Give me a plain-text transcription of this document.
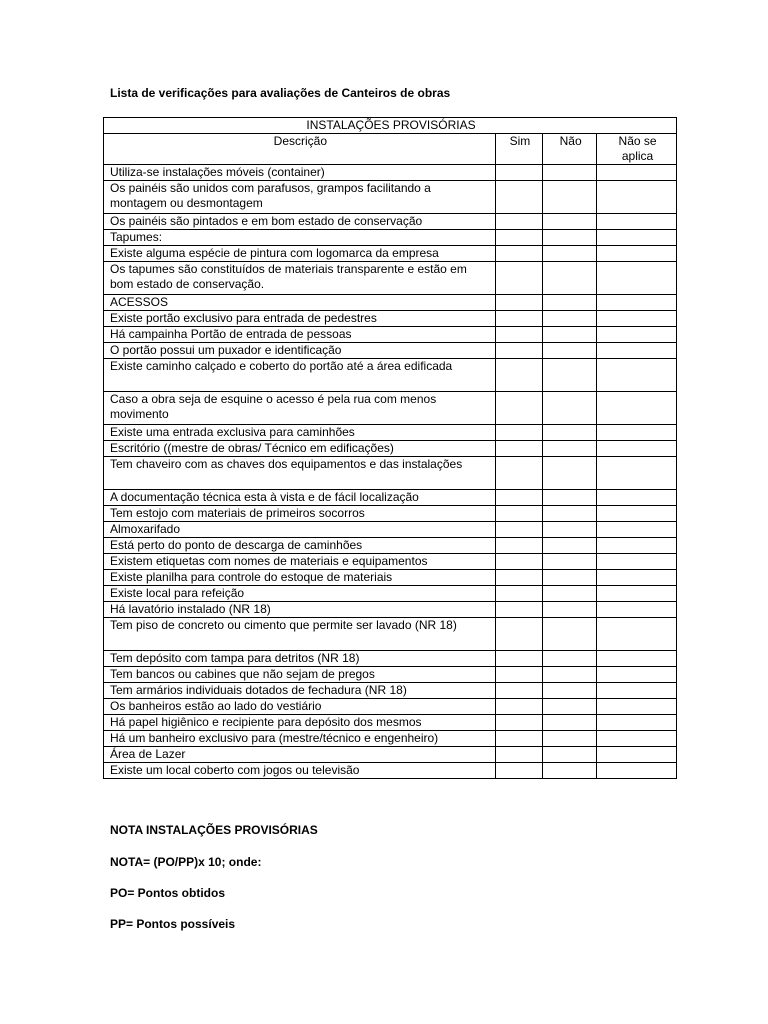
Lista de verificações para avaliações de Canteiros de obras
INSTALAÇÕES PROVISÓRIAS			
Descrição	Sim	Não	Não se aplica
Utiliza-se instalações móveis (container)			
Os painéis são unidos com parafusos, grampos facilitando a montagem ou desmontagem			
Os painéis são pintados e em bom estado de conservação			
Tapumes:			
Existe alguma espécie de pintura com logomarca da empresa			
Os tapumes são constituídos de materiais transparente e estão em bom estado de conservação.			
ACESSOS			
Existe portão exclusivo para entrada de pedestres			
Há campainha Portão de entrada de pessoas			
O portão possui um puxador e identificação			
Existe caminho calçado e coberto do portão até a área edificada			
Caso a obra seja de esquine o acesso é pela rua com menos movimento			
Existe uma entrada exclusiva para caminhões			
Escritório ((mestre de obras/ Técnico em edificações)			
Tem chaveiro com as chaves dos equipamentos e das instalações			
A documentação técnica esta à vista e de fácil localização			
Tem estojo com materiais de primeiros socorros			
Almoxarifado			
Está perto do ponto de descarga de caminhões			
Existem etiquetas com nomes de materiais e equipamentos			
Existe planilha para controle do estoque de materiais			
Existe local para refeição			
Há lavatório instalado (NR 18)			
Tem piso de concreto ou cimento que permite ser lavado (NR 18)			
Tem depósito com tampa para detritos (NR 18)			
Tem bancos ou cabines que não sejam de pregos			
Tem armários individuais dotados de fechadura (NR 18)			
Os banheiros estão ao lado do vestiário			
Há papel higiênico e recipiente para depósito dos mesmos			
Há um banheiro exclusivo para (mestre/técnico e engenheiro)			
Área de Lazer			
Existe um local coberto com jogos ou televisão			
NOTA INSTALAÇÕES PROVISÓRIAS
NOTA= (PO/PP)x 10; onde:
PO= Pontos obtidos
PP= Pontos possíveis
